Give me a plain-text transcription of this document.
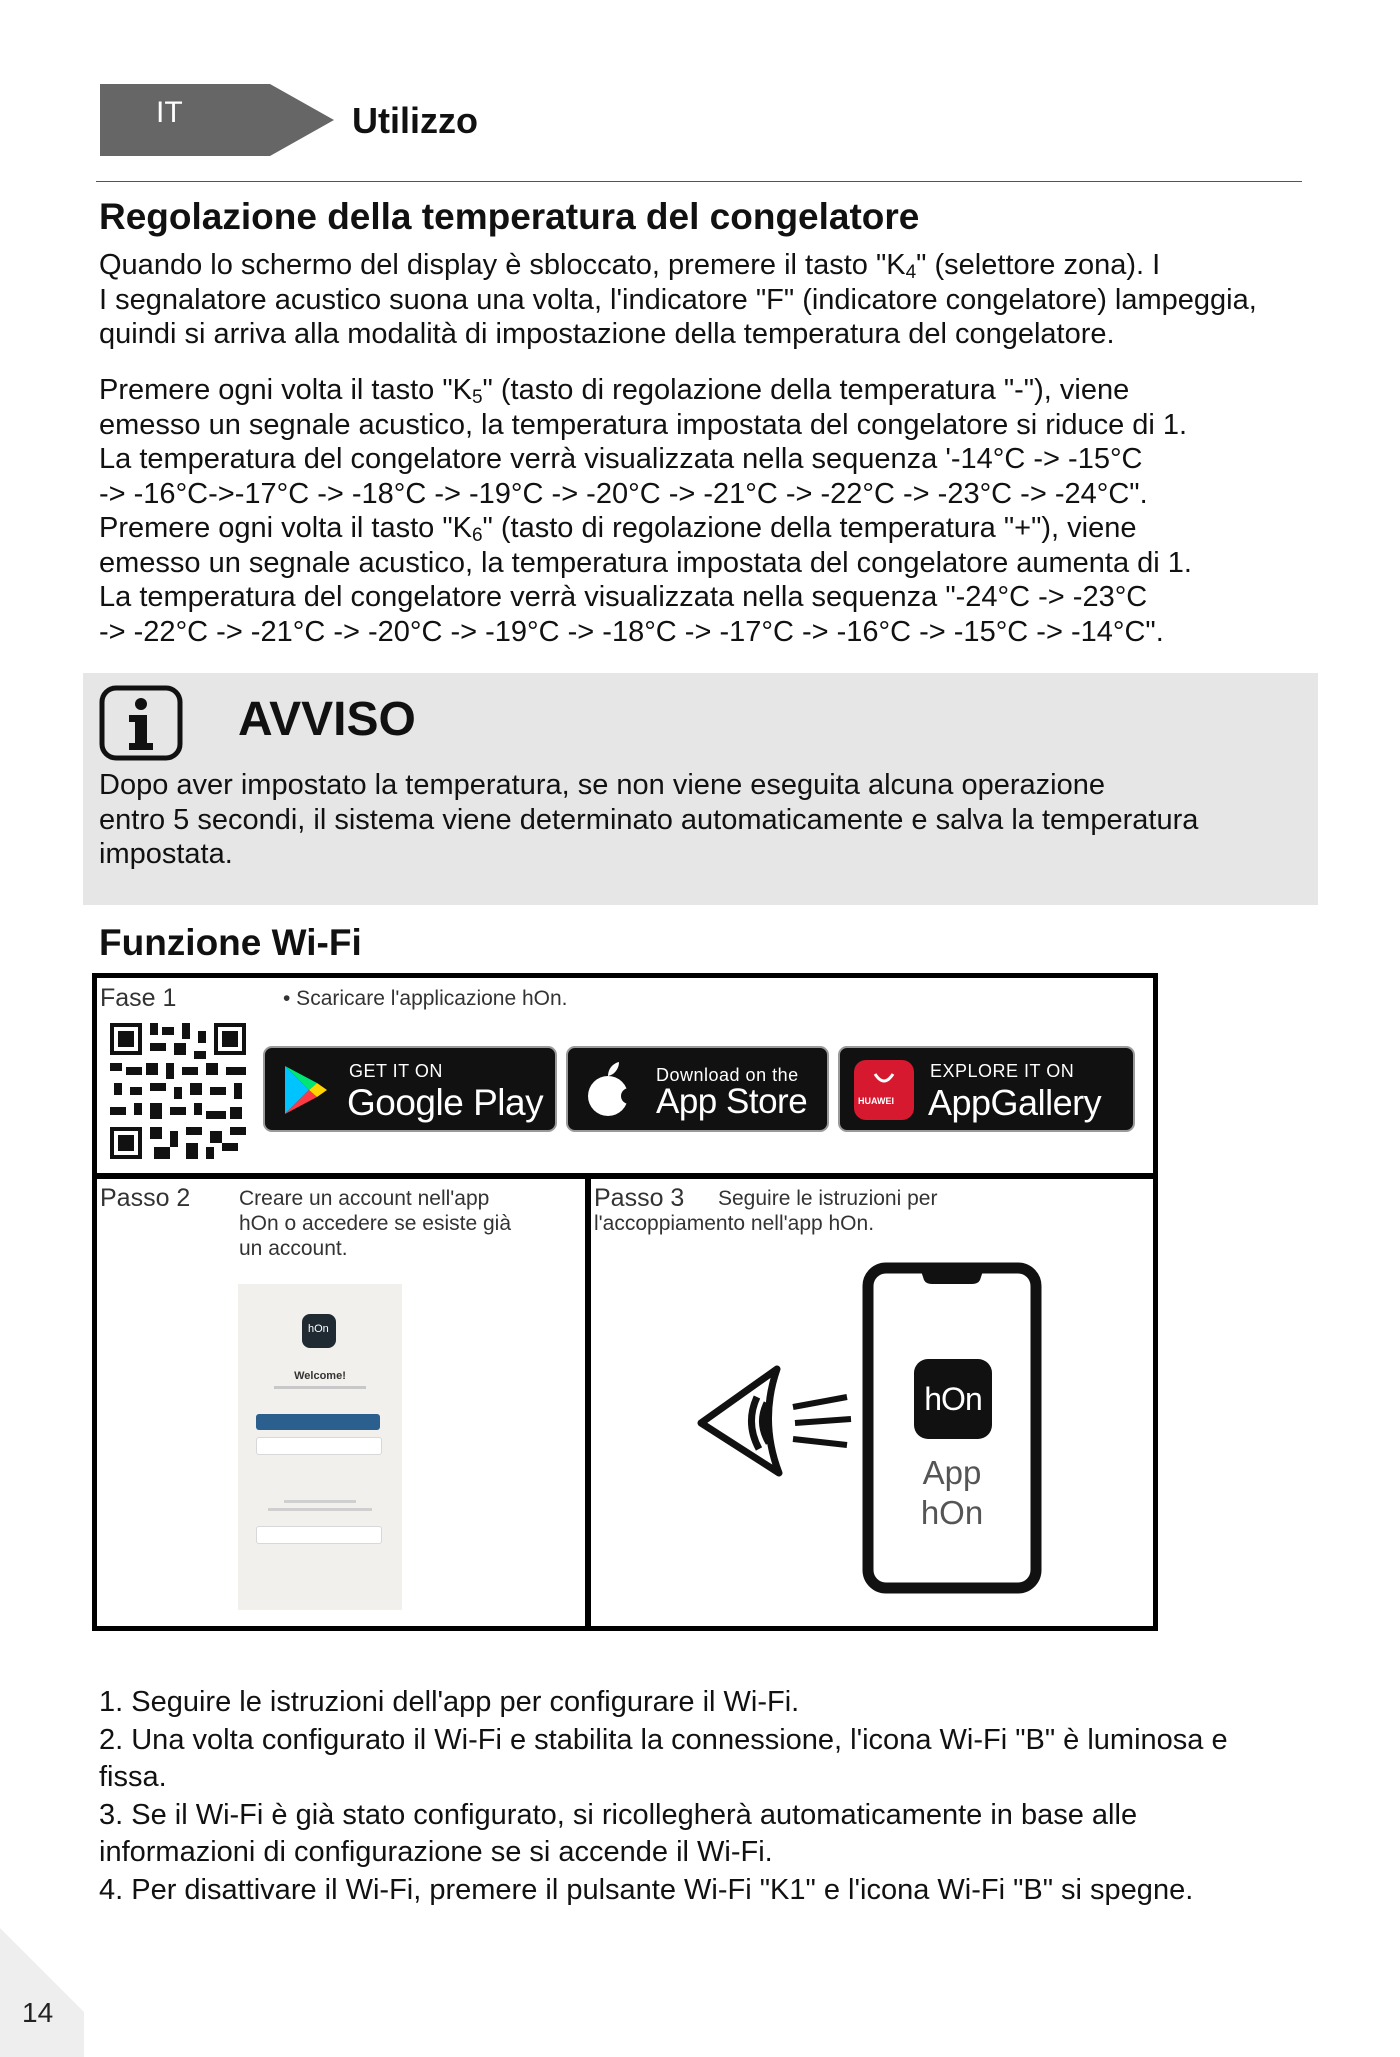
IT	Utilizzo
Regolazione della temperatura del congelatore

Quando lo schermo del display è sbloccato, premere il tasto "$K_4$" (selettore zona). I
I segnalatore acustico suona una volta, l'indicatore "F" (indicatore congelatore) lampeggia,
quindi si arriva alla modalità di impostazione della temperatura del congelatore.

Premere ogni volta il tasto "$K_5$" (tasto di regolazione della temperatura "-"), viene
emesso un segnale acustico, la temperatura impostata del congelatore si riduce di 1.
La temperatura del congelatore verrà visualizzata nella sequenza '-14°C -> -15°C
-> -16°C->-17°C -> -18°C -> -19°C -> -20°C -> -21°C -> -22°C -> -23°C -> -24°C".
Premere ogni volta il tasto "$K_6$" (tasto di regolazione della temperatura "+"), viene
emesso un segnale acustico, la temperatura impostata del congelatore aumenta di 1.
La temperatura del congelatore verrà visualizzata nella sequenza "-24°C -> -23°C
-> -22°C -> -21°C -> -20°C -> -19°C -> -18°C -> -17°C -> -16°C -> -15°C -> -14°C".

AVVISO

Dopo aver impostato la temperatura, se non viene eseguita alcuna operazione
entro 5 secondi, il sistema viene determinato automaticamente e salva la temperatura
impostata.

Funzione Wi-Fi
Fase 1	• Scaricare l'applicazione hOn.
GET IT ON
Google Play
Download on the
App Store	HUAWEI
EXPLORE IT ON
AppGallery
Passo 2 Creare un account nell'app
hOn o accedere se esiste già
un account.
hOn
Welcome!
Passo 3	Seguire le istruzioni per
l'accoppiamento nell'app hOn.
hOn
App
hOn
1. Seguire le istruzioni dell'app per configurare il Wi-Fi.
2. Una volta configurato il Wi-Fi e stabilita la connessione, l'icona Wi-Fi "B" è luminosa e fissa.
3. Se il Wi-Fi è già stato configurato, si ricollegherà automaticamente in base alle informazioni di configurazione se si accende il Wi-Fi.
4. Per disattivare il Wi-Fi, premere il pulsante Wi-Fi "K1" e l'icona Wi-Fi "B" si spegne.
14
